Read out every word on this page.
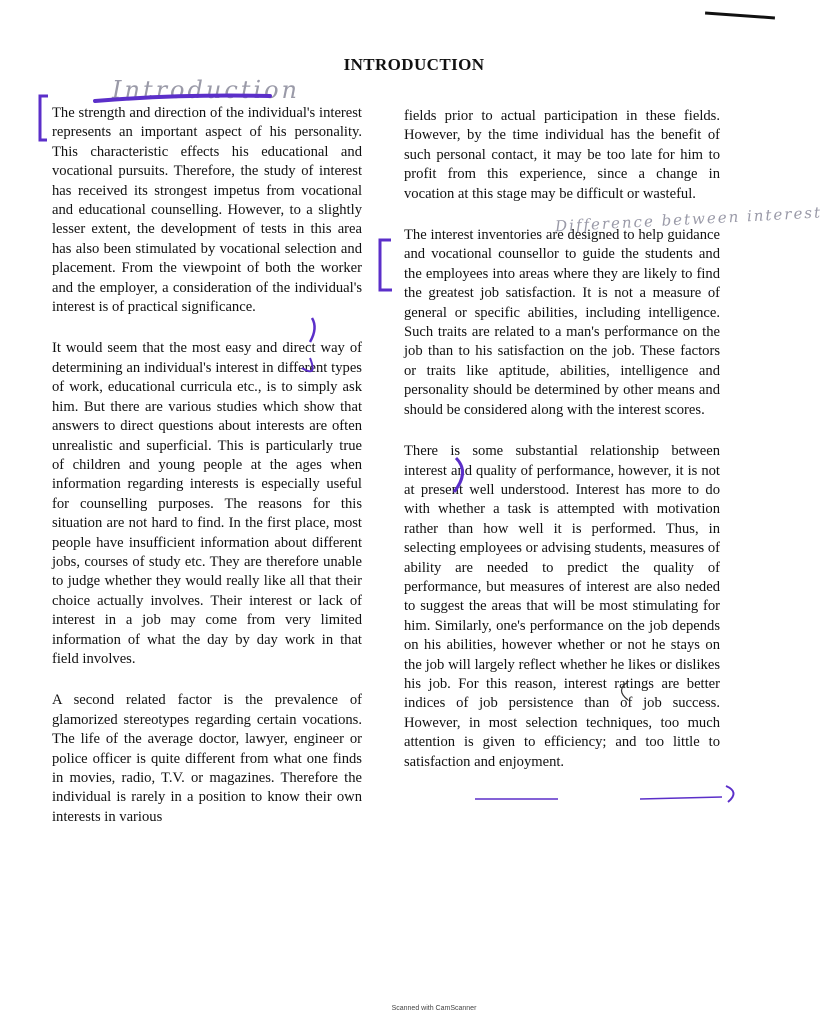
INTRODUCTION
Introduction
Difference between interest

The strength and direction of the individual's interest represents an important aspect of his personality. This characteristic effects his educational and vocational pursuits. Therefore, the study of interest has received its strongest impetus from vocational and educational counselling. However, to a slightly lesser extent, the development of tests in this area has also been stimulated by vocational selection and placement. From the viewpoint of both the worker and the employer, a consideration of the individual's interest is of practical significance.

It would seem that the most easy and direct way of determining an individual's interest in different types of work, educational curricula etc., is to simply ask him. But there are various studies which show that answers to direct questions about interests are often unrealistic and superficial. This is particularly true of children and young people at the ages when information regarding interests is especially useful for counselling purposes. The reasons for this situation are not hard to find. In the first place, most people have insufficient information about different jobs, courses of study etc. They are therefore unable to judge whether they would really like all that their choice actually involves. Their interest or lack of interest in a job may come from very limited information of what the day by day work in that field involves.

A second related factor is the prevalence of glamorized stereotypes regarding certain vocations. The life of the average doctor, lawyer, engineer or police officer is quite different from what one finds in movies, radio, T.V. or magazines. Therefore the individual is rarely in a position to know their own interests in various

fields prior to actual participation in these fields. However, by the time individual has the benefit of such personal contact, it may be too late for him to profit from this experience, since a change in vocation at this stage may be difficult or wasteful.

The interest inventories are designed to help guidance and vocational counsellor to guide the students and the employees into areas where they are likely to find the greatest job satisfaction. It is not a measure of general or specific abilities, including intelligence. Such traits are related to a man's performance on the job than to his satisfaction on the job. These factors or traits like aptitude, abilities, intelligence and personality should be determined by other means and should be considered along with the interest scores.

There is some substantial relationship between interest and quality of performance, however, it is not at present well understood. Interest has more to do with whether a task is attempted with motivation rather than how well it is performed. Thus, in selecting employees or advising students, measures of ability are needed to predict the quality of performance, but measures of interest are also neded to suggest the areas that will be most stimulating for him. Similarly, one's performance on the job depends on his abilities, however whether or not he stays on the job will largely reflect whether he likes or dislikes his job. For this reason, interest ratings are better indices of job persistence than of job success. However, in most selection techniques, too much attention is given to efficiency; and too little to satisfaction and enjoyment.

Scanned with CamScanner
